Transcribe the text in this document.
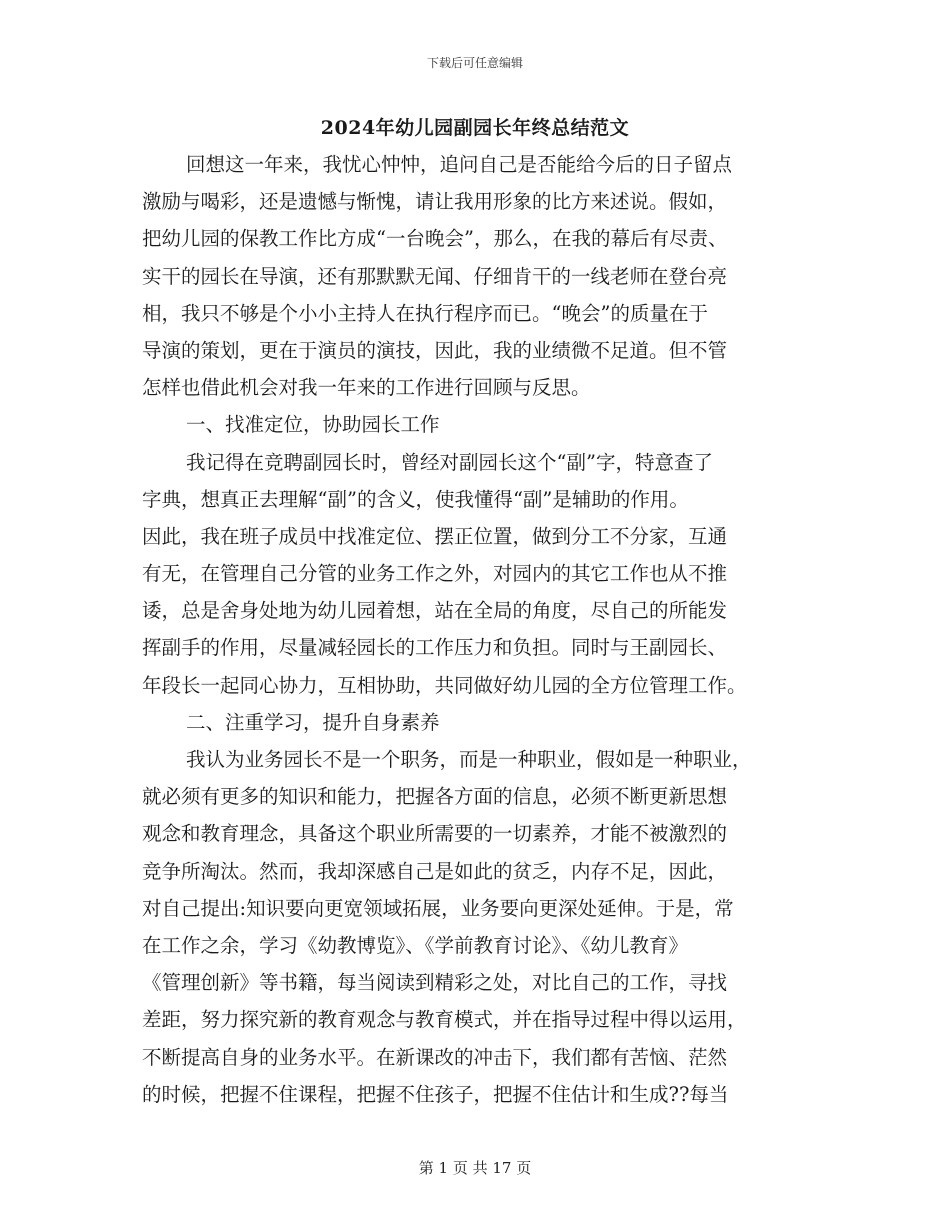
下载后可任意编辑
2024年幼儿园副园长年终总结范文
回想这一年来，我忧心忡忡，追问自己是否能给今后的日子留点
激励与喝彩，还是遗憾与惭愧，请让我用形象的比方来述说。假如，
把幼儿园的保教工作比方成“一台晚会”，那么，在我的幕后有尽责、
实干的园长在导演，还有那默默无闻、仔细肯干的一线老师在登台亮
相，我只不够是个小小主持人在执行程序而已。“晚会”的质量在于
导演的策划，更在于演员的演技，因此，我的业绩微不足道。但不管
怎样也借此机会对我一年来的工作进行回顾与反思。
一、找准定位，协助园长工作
我记得在竞聘副园长时，曾经对副园长这个“副”字，特意查了
字典，想真正去理解“副”的含义，使我懂得“副”是辅助的作用。
因此，我在班子成员中找准定位、摆正位置，做到分工不分家，互通
有无，在管理自己分管的业务工作之外，对园内的其它工作也从不推
诿，总是舍身处地为幼儿园着想，站在全局的角度，尽自己的所能发
挥副手的作用，尽量减轻园长的工作压力和负担。同时与王副园长、
年段长一起同心协力，互相协助，共同做好幼儿园的全方位管理工作。
二、注重学习，提升自身素养
我认为业务园长不是一个职务，而是一种职业，假如是一种职业，
就必须有更多的知识和能力，把握各方面的信息，必须不断更新思想
观念和教育理念，具备这个职业所需要的一切素养，才能不被激烈的
竞争所淘汰。然而，我却深感自己是如此的贫乏，内存不足，因此，
对自己提出:知识要向更宽领域拓展，业务要向更深处延伸。于是，常
在工作之余，学习《幼教博览》、《学前教育讨论》、《幼儿教育》
《管理创新》等书籍，每当阅读到精彩之处，对比自己的工作，寻找
差距，努力探究新的教育观念与教育模式，并在指导过程中得以运用，
不断提高自身的业务水平。在新课改的冲击下，我们都有苦恼、茫然
的时候，把握不住课程，把握不住孩子，把握不住估计和生成??每当
第 1 页 共 17 页
